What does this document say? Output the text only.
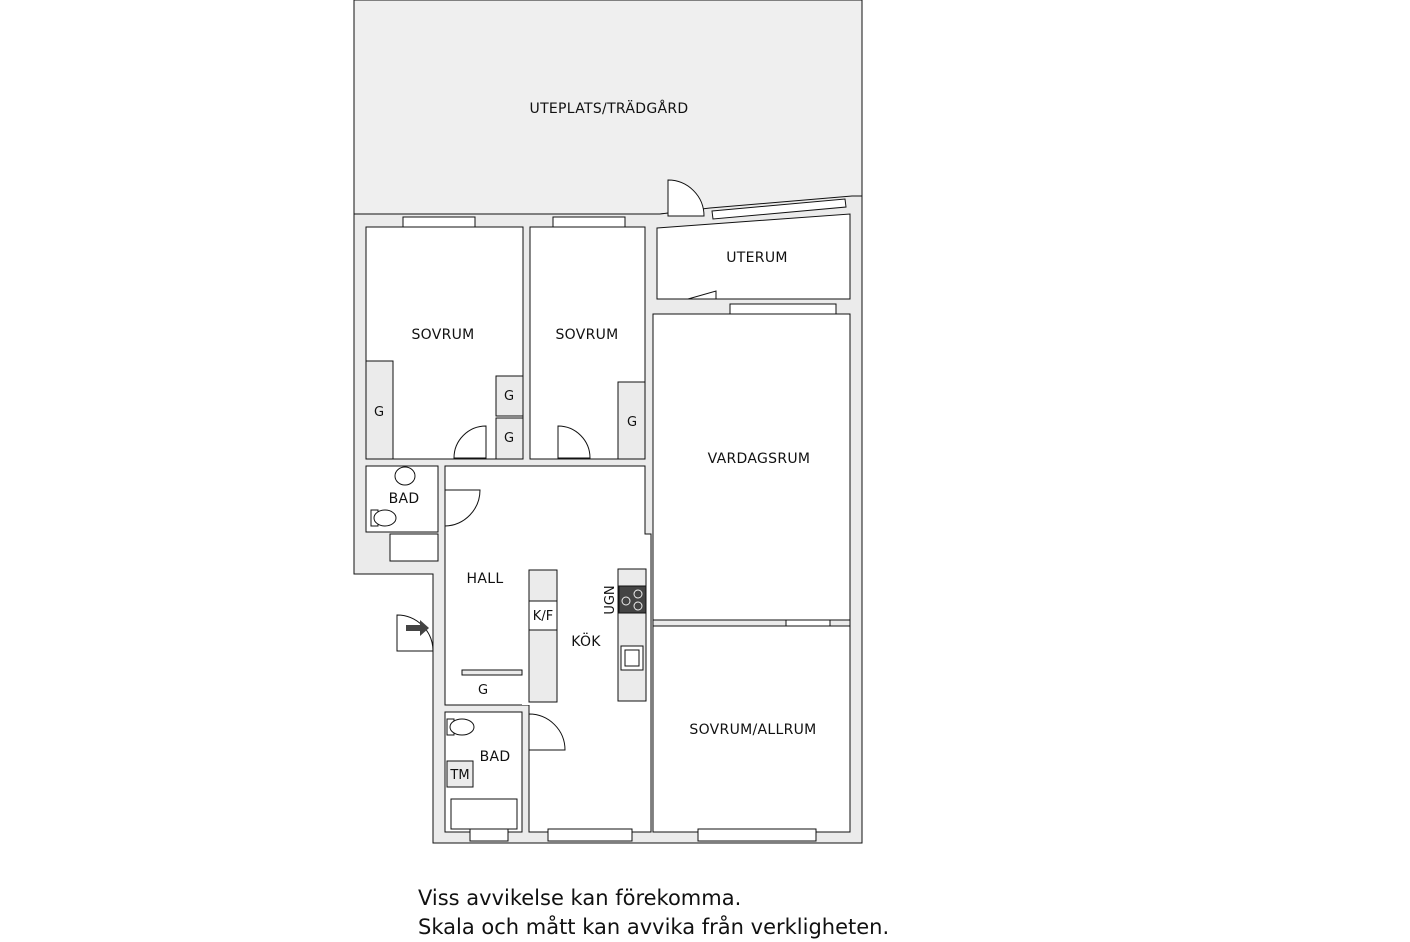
UTEPLATS/TRÄDGÅRD
UTERUM
SOVRUM	SOVRUM
VARDAGSRUM
BAD
HALL
KÖK
BAD
SOVRUM/ALLRUM
G
G
G
G
G
K/F
UGN
TM
Viss avvikelse kan förekomma.
Skala och mått kan avvika från verkligheten.
